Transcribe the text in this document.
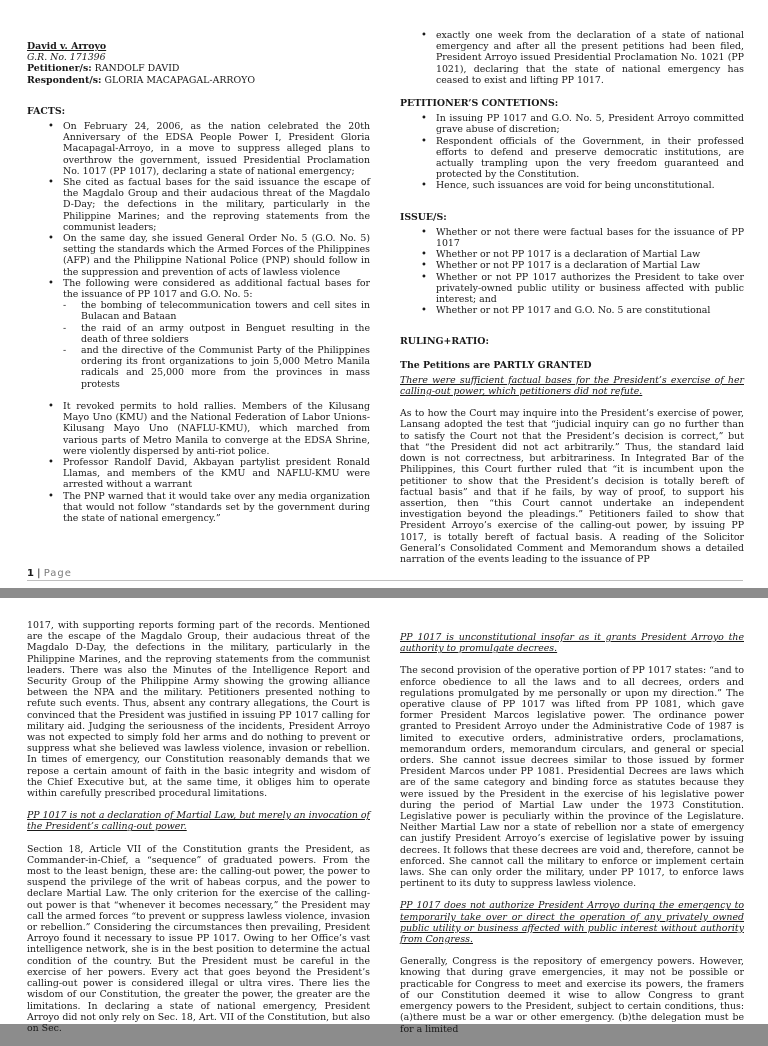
David v. Arroyo

G.R. No. 171396

Petitioner/s: RANDOLF DAVID

Respondent/s: GLORIA MACAPAGAL-ARROYO

FACTS:

• On February 24, 2006, as the nation celebrated the 20th Anniversary of the EDSA People Power I, President Gloria Macapagal-Arroyo, in a move to suppress alleged plans to overthrow the government, issued Presidential Proclamation No. 1017 (PP 1017), declaring a state of national emergency;
• She cited as factual bases for the said issuance the escape of the Magdalo Group and their audacious threat of the Magdalo D-Day; the defections in the military, particularly in the Philippine Marines; and the reproving statements from the communist leaders;
• On the same day, she issued General Order No. 5 (G.O. No. 5) setting the standards which the Armed Forces of the Philippines (AFP) and the Philippine National Police (PNP) should follow in the suppression and prevention of acts of lawless violence
• The following were considered as additional factual bases for the issuance of PP 1017 and G.O. No. 5:
- the bombing of telecommunication towers and cell sites in Bulacan and Bataan
- the raid of an army outpost in Benguet resulting in the death of three soldiers
- and the directive of the Communist Party of the Philippines ordering its front organizations to join 5,000 Metro Manila radicals and 25,000 more from the provinces in mass protests
• It revoked permits to hold rallies. Members of the Kilusang Mayo Uno (KMU) and the National Federation of Labor Unions-Kilusang Mayo Uno (NAFLU-KMU), which marched from various parts of Metro Manila to converge at the EDSA Shrine, were violently dispersed by anti-riot police.
• Professor Randolf David, Akbayan partylist president Ronald Llamas, and members of the KMU and NAFLU-KMU were arrested without a warrant
• The PNP warned that it would take over any media organization that would not follow “standards set by the government during the state of national emergency.”
• exactly one week from the declaration of a state of national emergency and after all the present petitions had been filed, President Arroyo issued Presidential Proclamation No. 1021 (PP 1021), declaring that the state of national emergency has ceased to exist and lifting PP 1017.

PETITIONER’S CONTETIONS:

• In issuing PP 1017 and G.O. No. 5, President Arroyo committed grave abuse of discretion;
• Respondent officials of the Government, in their professed efforts to defend and preserve democratic institutions, are actually trampling upon the very freedom guaranteed and protected by the Constitution.
• Hence, such issuances are void for being unconstitutional.

ISSUE/S:

• Whether or not there were factual bases for the issuance of PP 1017
• Whether or not PP 1017 is a declaration of Martial Law
• Whether or not PP 1017 is a declaration of Martial Law
• Whether or not PP 1017 authorizes the President to take over privately-owned public utility or business affected with public interest; and
• Whether or not PP 1017 and G.O. No. 5 are constitutional

RULING+RATIO:

The Petitions are PARTLY GRANTED

There were sufficient factual bases for the President’s exercise of her calling-out power, which petitioners did not refute.

As to how the Court may inquire into the President’s exercise of power, Lansang adopted the test that “judicial inquiry can go no further than to satisfy the Court not that the President’s decision is correct,” but that “the President did not act arbitrarily.” Thus, the standard laid down is not correctness, but arbitrariness. In Integrated Bar of the Philippines, this Court further ruled that “it is incumbent upon the petitioner to show that the President’s decision is totally bereft of factual basis” and that if he fails, by way of proof, to support his assertion, then “this Court cannot undertake an independent investigation beyond the pleadings.” Petitioners failed to show that President Arroyo’s exercise of the calling-out power, by issuing PP 1017, is totally bereft of factual basis. A reading of the Solicitor General’s Consolidated Comment and Memorandum shows a detailed narration of the events leading to the issuance of PP

1 | Page

1017, with supporting reports forming part of the records. Mentioned are the escape of the Magdalo Group, their audacious threat of the Magdalo D-Day, the defections in the military, particularly in the Philippine Marines, and the reproving statements from the communist leaders. There was also the Minutes of the Intelligence Report and Security Group of the Philippine Army showing the growing alliance between the NPA and the military. Petitioners presented nothing to refute such events. Thus, absent any contrary allegations, the Court is convinced that the President was justified in issuing PP 1017 calling for military aid. Judging the seriousness of the incidents, President Arroyo was not expected to simply fold her arms and do nothing to prevent or suppress what she believed was lawless violence, invasion or rebellion. In times of emergency, our Constitution reasonably demands that we repose a certain amount of faith in the basic integrity and wisdom of the Chief Executive but, at the same time, it obliges him to operate within carefully prescribed procedural limitations.

PP 1017 is not a declaration of Martial Law, but merely an invocation of the President’s calling-out power.

Section 18, Article VII of the Constitution grants the President, as Commander-in-Chief, a “sequence” of graduated powers. From the most to the least benign, these are: the calling-out power, the power to suspend the privilege of the writ of habeas corpus, and the power to declare Martial Law. The only criterion for the exercise of the calling-out power is that “whenever it becomes necessary,” the President may call the armed forces “to prevent or suppress lawless violence, invasion or rebellion.” Considering the circumstances then prevailing, President Arroyo found it necessary to issue PP 1017. Owing to her Office’s vast intelligence network, she is in the best position to determine the actual condition of the country. But the President must be careful in the exercise of her powers. Every act that goes beyond the President’s calling-out power is considered illegal or ultra vires. There lies the wisdom of our Constitution, the greater the power, the greater are the limitations. In declaring a state of national emergency, President Arroyo did not only rely on Sec. 18, Art. VII of the Constitution, but also on Sec.

PP 1017 is unconstitutional insofar as it grants President Arroyo the authority to promulgate decrees.

The second provision of the operative portion of PP 1017 states: “and to enforce obedience to all the laws and to all decrees, orders and regulations promulgated by me personally or upon my direction.” The operative clause of PP 1017 was lifted from PP 1081, which gave former President Marcos legislative power. The ordinance power granted to President Arroyo under the Administrative Code of 1987 is limited to executive orders, administrative orders, proclamations, memorandum orders, memorandum circulars, and general or special orders. She cannot issue decrees similar to those issued by former President Marcos under PP 1081. Presidential Decrees are laws which are of the same category and binding force as statutes because they were issued by the President in the exercise of his legislative power during the period of Martial Law under the 1973 Constitution. Legislative power is peculiarly within the province of the Legislature. Neither Martial Law nor a state of rebellion nor a state of emergency can justify President Arroyo’s exercise of legislative power by issuing decrees. It follows that these decrees are void and, therefore, cannot be enforced. She cannot call the military to enforce or implement certain laws. She can only order the military, under PP 1017, to enforce laws pertinent to its duty to suppress lawless violence.

PP 1017 does not authorize President Arroyo during the emergency to temporarily take over or direct the operation of any privately owned public utility or business affected with public interest without authority from Congress.

Generally, Congress is the repository of emergency powers. However, knowing that during grave emergencies, it may not be possible or practicable for Congress to meet and exercise its powers, the framers of our Constitution deemed it wise to allow Congress to grant emergency powers to the President, subject to certain conditions, thus: (a)there must be a war or other emergency. (b)the delegation must be for a limited
